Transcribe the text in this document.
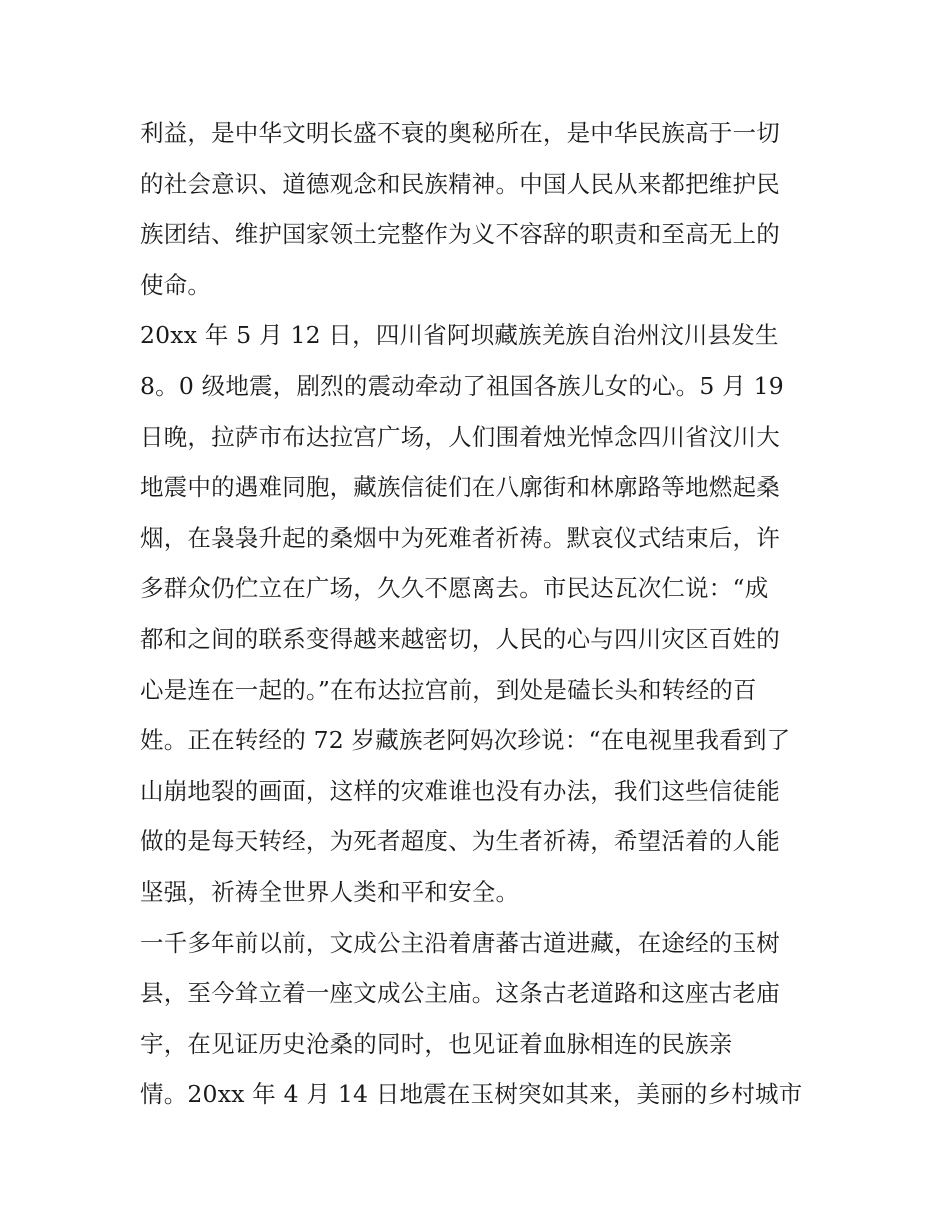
利益，是中华文明长盛不衰的奥秘所在，是中华民族高于一切
的社会意识、道德观念和民族精神。中国人民从来都把维护民
族团结、维护国家领土完整作为义不容辞的职责和至高无上的
使命。
20xx 年 5 月 12 日，四川省阿坝藏族羌族自治州汶川县发生
8。0 级地震，剧烈的震动牵动了祖国各族儿女的心。5 月 19
日晚，拉萨市布达拉宫广场，人们围着烛光悼念四川省汶川大
地震中的遇难同胞，藏族信徒们在八廓街和林廓路等地燃起桑
烟，在袅袅升起的桑烟中为死难者祈祷。默哀仪式结束后，许
多群众仍伫立在广场，久久不愿离去。市民达瓦次仁说：“成
都和之间的联系变得越来越密切，人民的心与四川灾区百姓的
心是连在一起的。”在布达拉宫前，到处是磕长头和转经的百
姓。正在转经的 72 岁藏族老阿妈次珍说：“在电视里我看到了
山崩地裂的画面，这样的灾难谁也没有办法，我们这些信徒能
做的是每天转经，为死者超度、为生者祈祷，希望活着的人能
坚强，祈祷全世界人类和平和安全。
一千多年前以前，文成公主沿着唐蕃古道进藏，在途经的玉树
县，至今耸立着一座文成公主庙。这条古老道路和这座古老庙
宇，在见证历史沧桑的同时，也见证着血脉相连的民族亲
情。20xx 年 4 月 14 日地震在玉树突如其来，美丽的乡村城市
